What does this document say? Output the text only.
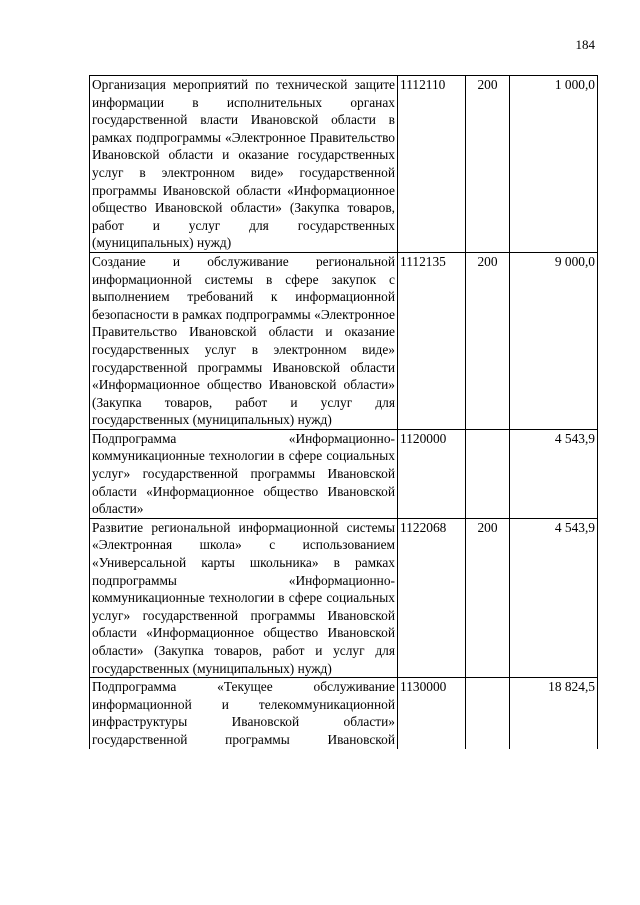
184
Организация мероприятий по технической защите информации в исполнительных органах государственной власти Ивановской области в рамках подпрограммы «Электронное Правительство Ивановской области и оказание государственных услуг в электронном виде» государственной программы Ивановской области «Информационное общество Ивановской области» (Закупка товаров, работ и услуг для государственных (муниципальных) нужд)	1112110	200	1 000,0
Создание и обслуживание региональной информационной системы в сфере закупок с выполнением требований к информационной безопасности в рамках подпрограммы «Электронное Правительство Ивановской области и оказание государственных услуг в электронном виде» государственной программы Ивановской области «Информационное общество Ивановской области» (Закупка товаров, работ и услуг для государственных (муниципальных) нужд)	1112135	200	9 000,0
Подпрограмма «Информационно-коммуникационные технологии в сфере социальных услуг» государственной программы Ивановской области «Информационное общество Ивановской области»	1120000		4 543,9
Развитие региональной информационной системы «Электронная школа» с использованием «Универсальной карты школьника» в рамках подпрограммы «Информационно-коммуникационные технологии в сфере социальных услуг» государственной программы Ивановской области «Информационное общество Ивановской области» (Закупка товаров, работ и услуг для государственных (муниципальных) нужд)	1122068	200	4 543,9
Подпрограмма «Текущее обслуживание информационной и телекоммуникационной инфраструктуры Ивановской области» государственной программы Ивановской	1130000		18 824,5
